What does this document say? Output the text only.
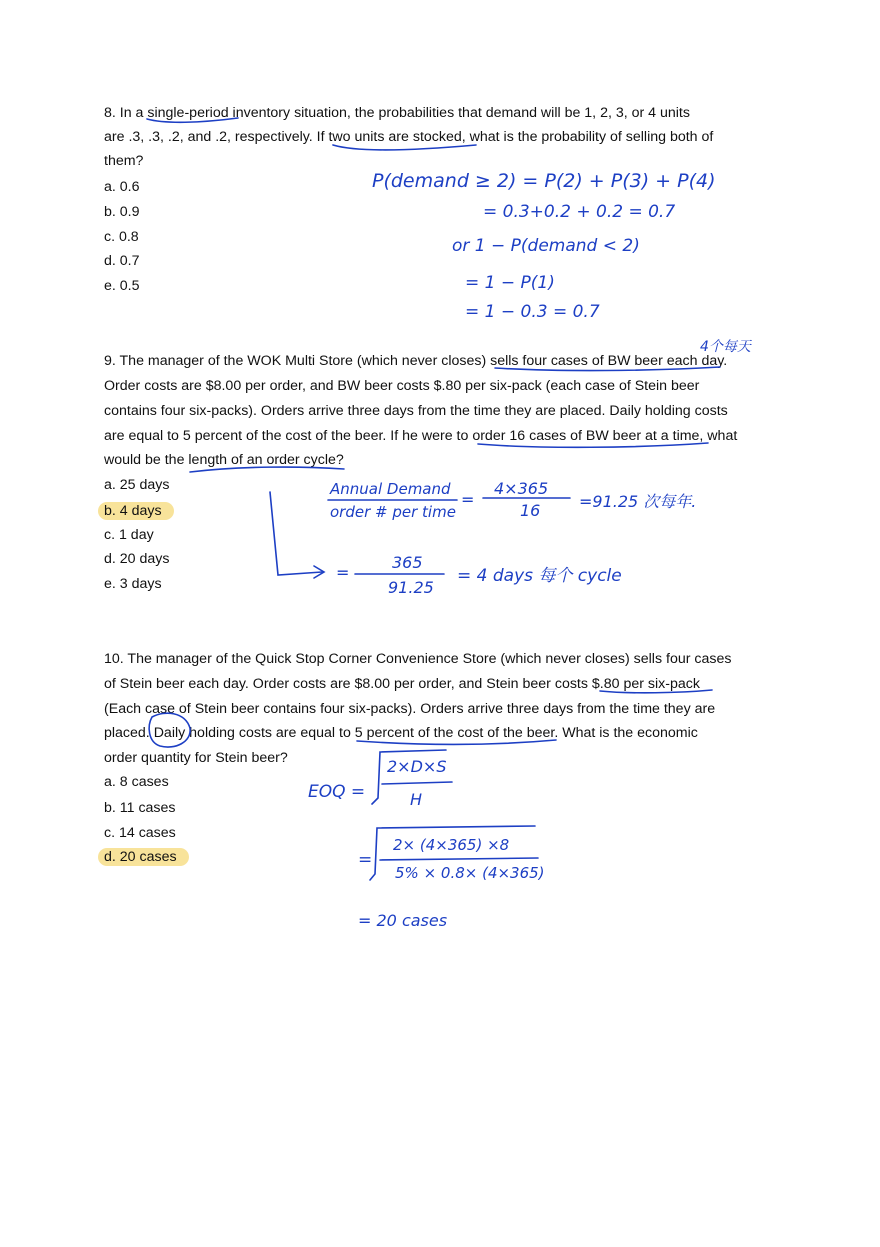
8. In a single-period inventory situation, the probabilities that demand will be 1, 2, 3, or 4 units
are .3, .3, .2, and .2, respectively. If two units are stocked, what is the probability of selling both of
them?
a. 0.6
b. 0.9
c. 0.8
d. 0.7
e. 0.5
P(demand ≥ 2) = P(2) + P(3) + P(4)
= 0.3+0.2 + 0.2 = 0.7
or 1 − P(demand < 2)
= 1 − P(1)
= 1 − 0.3 = 0.7
9. The manager of the WOK Multi Store (which never closes) sells four cases of BW beer each day.
Order costs are $8.00 per order, and BW beer costs $.80 per six-pack (each case of Stein beer
contains four six-packs). Orders arrive three days from the time they are placed. Daily holding costs
are equal to 5 percent of the cost of the beer. If he were to order 16 cases of BW beer at a time, what
would be the length of an order cycle?
a. 25 days
b. 4 days
c. 1 day
d. 20 days
e. 3 days
4个每天
Annual Demand
order # per time
=
4×365
16 =91.25 次每年.
=
365
91.25
= 4 days 每个 cycle
10. The manager of the Quick Stop Corner Convenience Store (which never closes) sells four cases
of Stein beer each day. Order costs are $8.00 per order, and Stein beer costs $.80 per six-pack
(Each case of Stein beer contains four six-packs). Orders arrive three days from the time they are
placed. Daily holding costs are equal to 5 percent of the cost of the beer. What is the economic
order quantity for Stein beer?
a. 8 cases
b. 11 cases
c. 14 cases
d. 20 cases
EOQ =
2×D×S
H
=
2× (4×365) ×8
5% × 0.8× (4×365)
= 20 cases
